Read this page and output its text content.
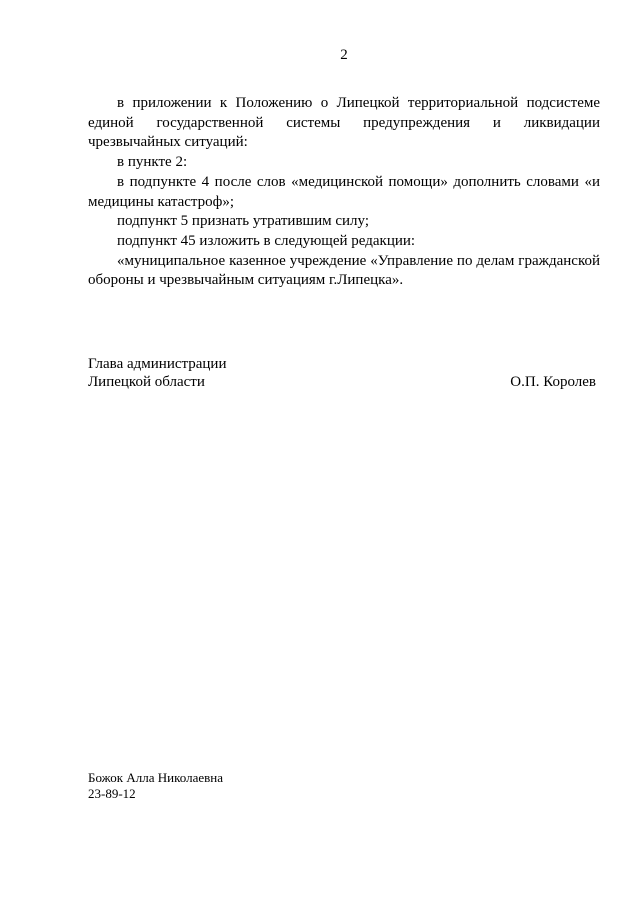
2

в приложении к Положению о Липецкой территориальной подсистеме единой государственной системы предупреждения и ликвидации чрезвычайных ситуаций:

в пункте 2:

в подпункте 4 после слов «медицинской помощи» дополнить словами «и медицины катастроф»;

подпункт 5 признать утратившим силу;

подпункт 45 изложить в следующей редакции:

«муниципальное казенное учреждение «Управление по делам гражданской обороны и чрезвычайным ситуациям г.Липецка».

Глава администрации
Липецкой области	О.П. Королев
Божок Алла Николаевна
23-89-12
